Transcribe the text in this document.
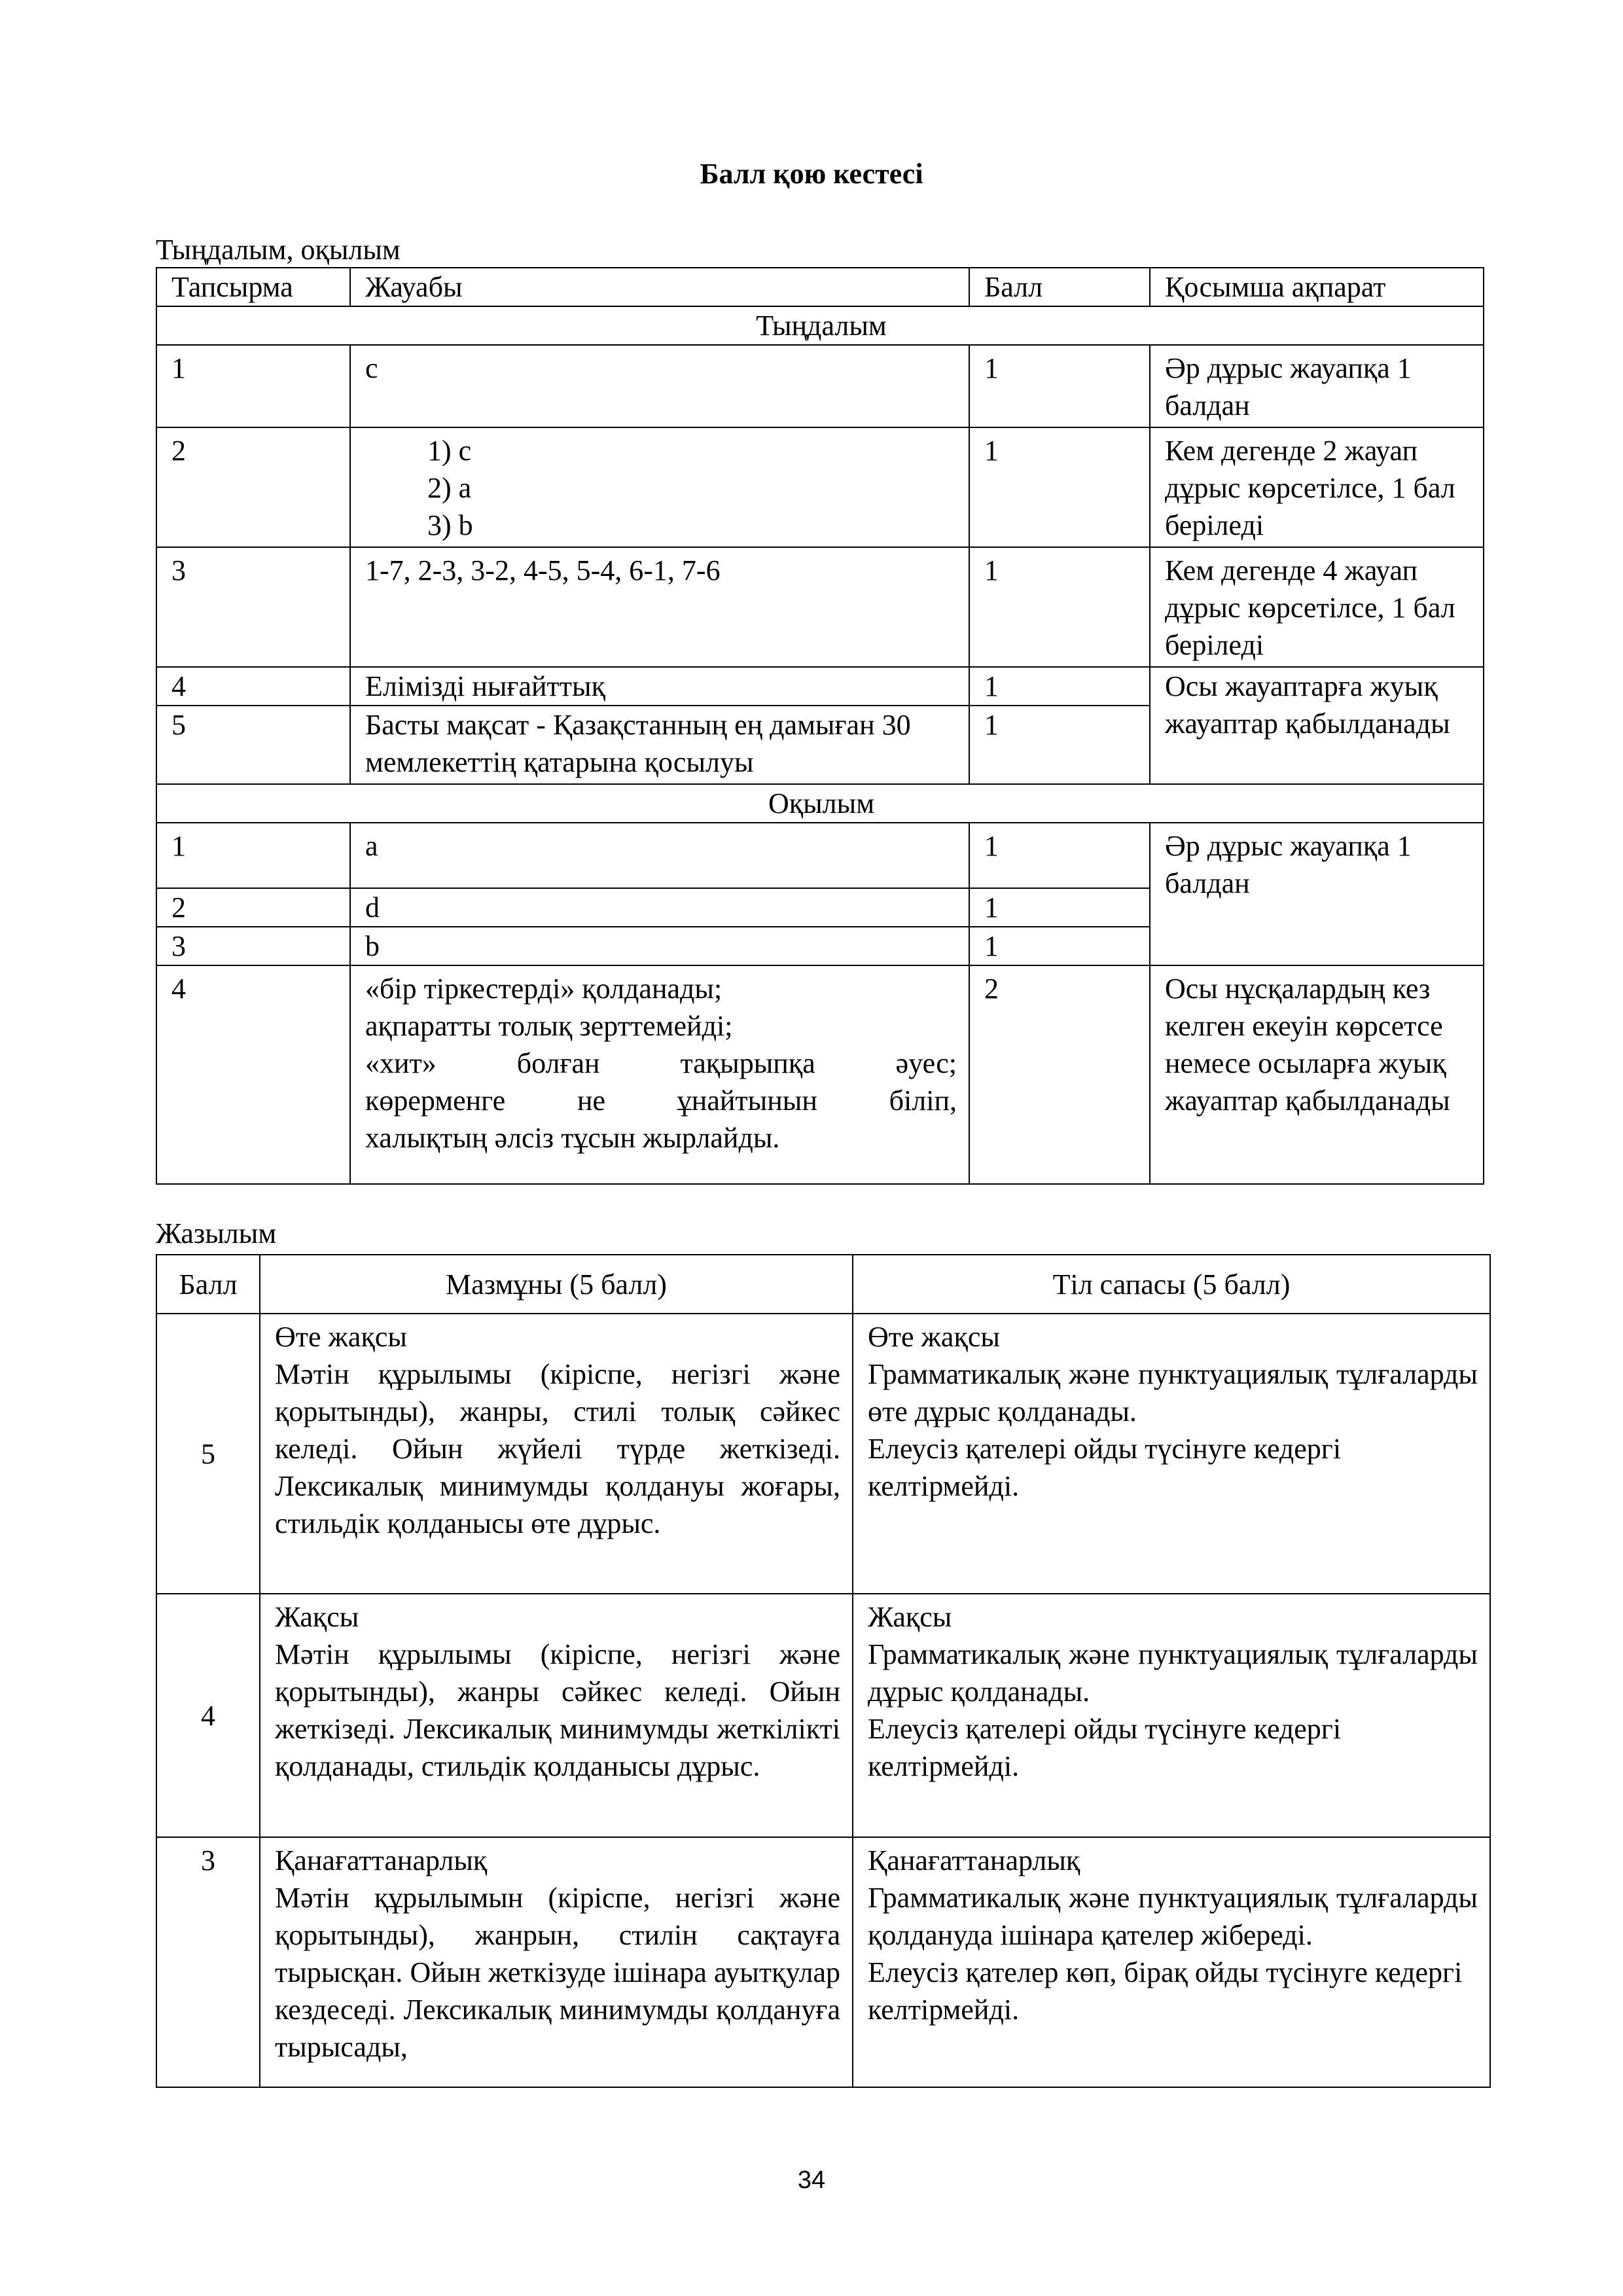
Балл қою кестесі
Тыңдалым, оқылым
Тапсырма	Жауабы	Балл	Қосымша ақпарат
Тыңдалым			
1	c	1	Әр дұрыс жауапқа 1 балдан
2	1) c
2) a
3) b	1	Кем дегенде 2 жауап дұрыс көрсетілсе, 1 бал беріледі
3	1-7, 2-3, 3-2, 4-5, 5-4, 6-1, 7-6	1	Кем дегенде 4 жауап дұрыс көрсетілсе, 1 бал беріледі
4	Елімізді нығайттық	1	Осы жауаптарға жуық жауаптар қабылданады
5	Басты мақсат - Қазақстанның ең дамыған 30 мемлекеттің қатарына қосылуы	1	
Оқылым			
1	a	1	Әр дұрыс жауапқа 1 балдан
2	d	1	
3	b	1	
4	«бір тіркестерді» қолданады;
ақпаратты толық зерттемейді;
«хит» болған тақырыпқа әуес;
көрерменге не ұнайтынын біліп,
халықтың әлсіз тұсын жырлайды.	2	Осы нұсқалардың кез келген екеуін көрсетсе немесе осыларға жуық жауаптар қабылданады
Жазылым
Балл	Мазмұны (5 балл)	Тіл сапасы (5 балл)
5	Өте жақсы
Мәтін құрылымы (кіріспе, негізгі және қорытынды), жанры, стилі толық сәйкес келеді. Ойын жүйелі түрде жеткізеді. Лексикалық минимумды қолдануы жоғары, стильдік қолданысы өте дұрыс.	Өте жақсы
Грамматикалық және пунктуациялық тұлғаларды өте дұрыс қолданады.
Елеусіз қателері ойды түсінуге кедергі келтірмейді.

4	Жақсы
Мәтін құрылымы (кіріспе, негізгі және қорытынды), жанры сәйкес келеді. Ойын жеткізеді. Лексикалық минимумды жеткілікті қолданады, стильдік қолданысы дұрыс.	Жақсы
Грамматикалық және пунктуациялық тұлғаларды дұрыс қолданады.
Елеусіз қателері ойды түсінуге кедергі келтірмейді.

3	Қанағаттанарлық
Мәтін құрылымын (кіріспе, негізгі және қорытынды), жанрын, стилін сақтауға тырысқан. Ойын жеткізуде ішінара ауытқулар кездеседі. Лексикалық минимумды қолдануға тырысады,	Қанағаттанарлық
Грамматикалық және пунктуациялық тұлғаларды қолдануда ішінара қателер жібереді.
Елеусіз қателер көп, бірақ ойды түсінуге кедергі келтірмейді.
34
